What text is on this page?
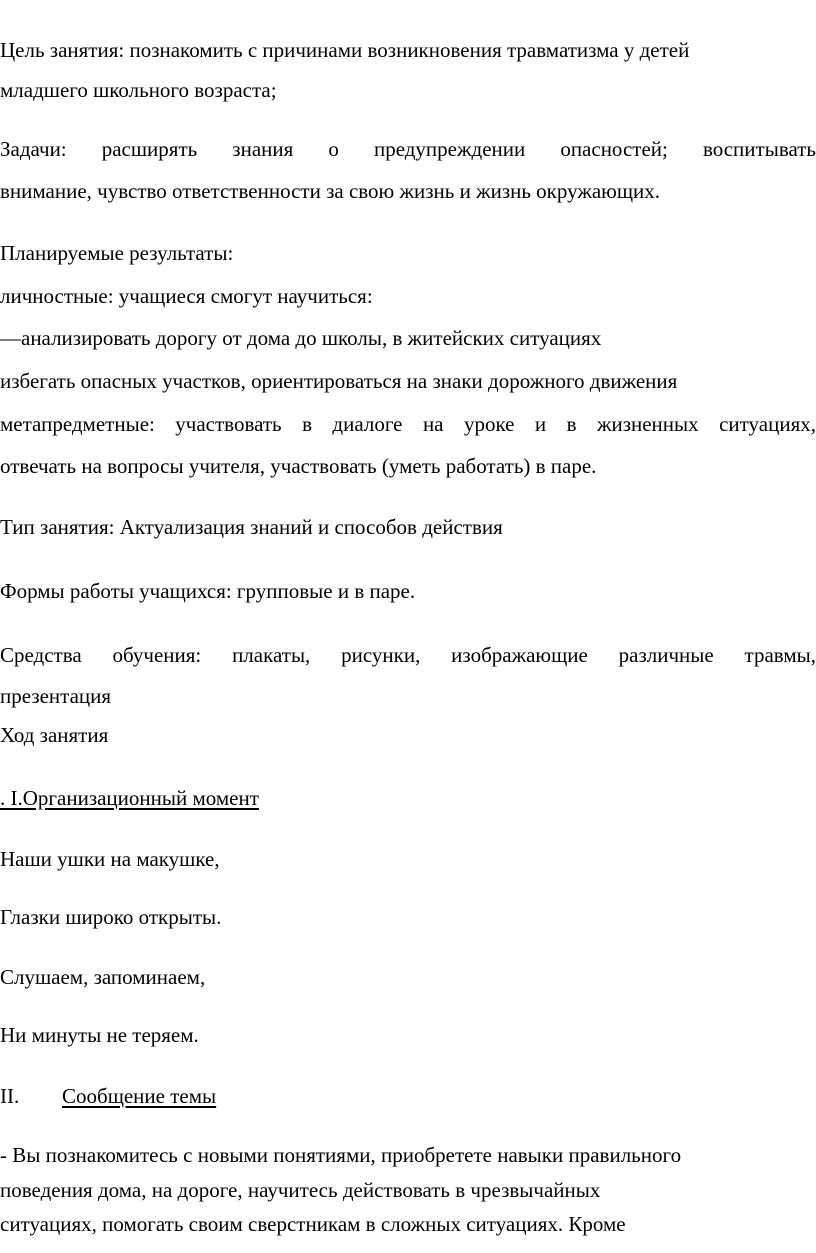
Цель занятия: познакомить с причинами возникновения травматизма у детей
младшего школьного возраста;
Задачи: расширять знания о предупреждении опасностей; воспитывать
внимание, чувство ответственности за свою жизнь и жизнь окружающих.
Планируемые результаты:
личностные: учащиеся смогут научиться:
—анализировать дорогу от дома до школы, в житейских ситуациях
избегать опасных участков, ориентироваться на знаки дорожного движения
метапредметные: участвовать в диалоге на уроке и в жизненных ситуациях,
отвечать на вопросы учителя, участвовать (уметь работать) в паре.
Тип занятия: Актуализация знаний и способов действия
Формы работы учащихся: групповые и в паре.
Средства обучения: плакаты, рисунки, изображающие различные травмы,
презентация
Ход занятия
. I.Организационный момент
Наши ушки на макушке,
Глазки широко открыты.
Слушаем, запоминаем,
Ни минуты не теряем.
II. Сообщение темы
- Вы познакомитесь с новыми понятиями, приобретете навыки правильного
поведения дома, на дороге, научитесь действовать в чрезвычайных
ситуациях, помогать своим сверстникам в сложных ситуациях. Кроме
